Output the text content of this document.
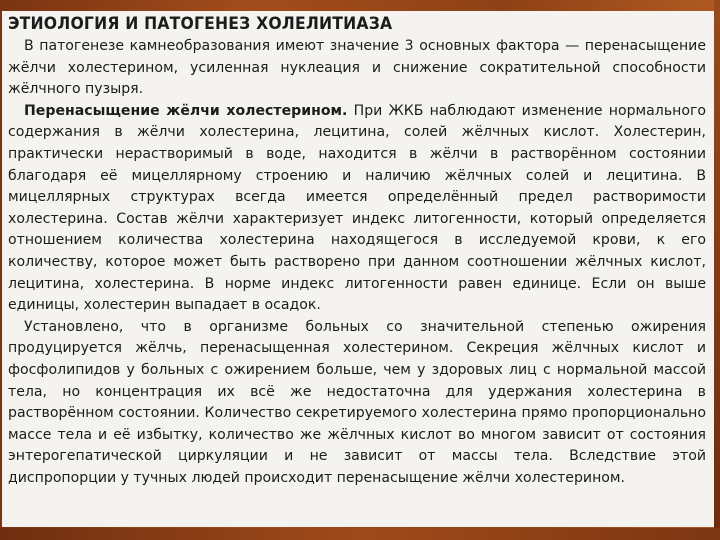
ЭТИОЛОГИЯ И ПАТОГЕНЕЗ ХОЛЕЛИТИАЗА

В патогенезе камнеобразования имеют значение 3 основных фактора — перенасыщение жёлчи холестерином, усиленная нуклеация и снижение сократительной способности жёлчного пузыря.

Перенасыщение жёлчи холестерином. При ЖКБ наблюдают изменение нормального содержания в жёлчи холестерина, лецитина, солей жёлчных кислот. Холестерин, практически нерастворимый в воде, находится в жёлчи в растворённом состоянии благодаря её мицеллярному строению и наличию жёлчных солей и лецитина. В мицеллярных структурах всегда имеется определённый предел растворимости холестерина. Состав жёлчи характеризует индекс литогенности, который определяется отношением количества холестерина находящегося в исследуемой крови, к его количеству, которое может быть растворено при данном соотношении жёлчных кислот, лецитина, холестерина. В норме индекс литогенности равен единице. Если он выше единицы, холестерин выпадает в осадок.

Установлено, что в организме больных со значительной степенью ожирения продуцируется жёлчь, перенасыщенная холестерином. Секреция жёлчных кислот и фосфолипидов у больных с ожирением больше, чем у здоровых лиц с нормальной массой тела, но концентрация их всё же недостаточна для удержания холестерина в растворённом состоянии. Количество секретируемого холестерина прямо пропорционально массе тела и её избытку, количество же жёлчных кислот во многом зависит от состояния энтерогепатической циркуляции и не зависит от массы тела. Вследствие этой диспропорции у тучных людей происходит перенасыщение жёлчи холестерином.
